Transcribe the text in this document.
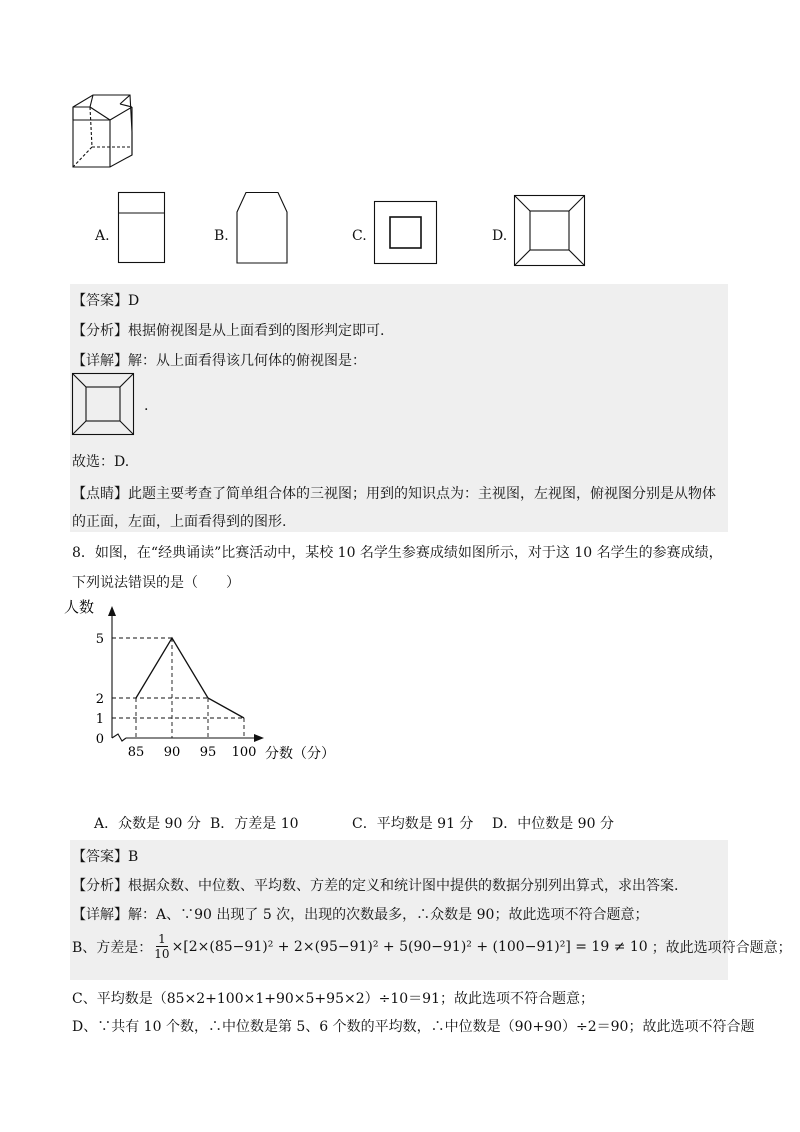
A.	B.	C.	D.
【答案】D
【分析】根据俯视图是从上面看到的图形判定即可.
【详解】解：从上面看得该几何体的俯视图是：
.
故选：D.
【点睛】此题主要考查了简单组合体的三视图；用到的知识点为：主视图，左视图，俯视图分别是从物体
的正面，左面，上面看得到的图形.
8．如图，在“经典诵读”比赛活动中，某校 10 名学生参赛成绩如图所示，对于这 10 名学生的参赛成绩，
下列说法错误的是（　　）
人数
分数（分）
85 90 95 100
0
1
2
5
A．众数是 90 分 B．方差是 10	C．平均数是 91 分 D．中位数是 90 分
【答案】B
【分析】根据众数、中位数、平均数、方差的定义和统计图中提供的数据分别列出算式，求出答案.
【详解】解：A、∵90 出现了 5 次，出现的次数最多，∴众数是 90；故此选项不符合题意；
B、方差是： $\frac{1}{10} \times[2\times(85-91)^2 + 2\times(95-91)^2 + 5(90-91)^2 + (100-91)^2] = 19 \ne 10$ ；故此选项符合题意；
C、平均数是（85×2+100×1+90×5+95×2）÷10＝91；故此选项不符合题意；
D、∵共有 10 个数，∴中位数是第 5、6 个数的平均数，∴中位数是（90+90）÷2＝90；故此选项不符合题
